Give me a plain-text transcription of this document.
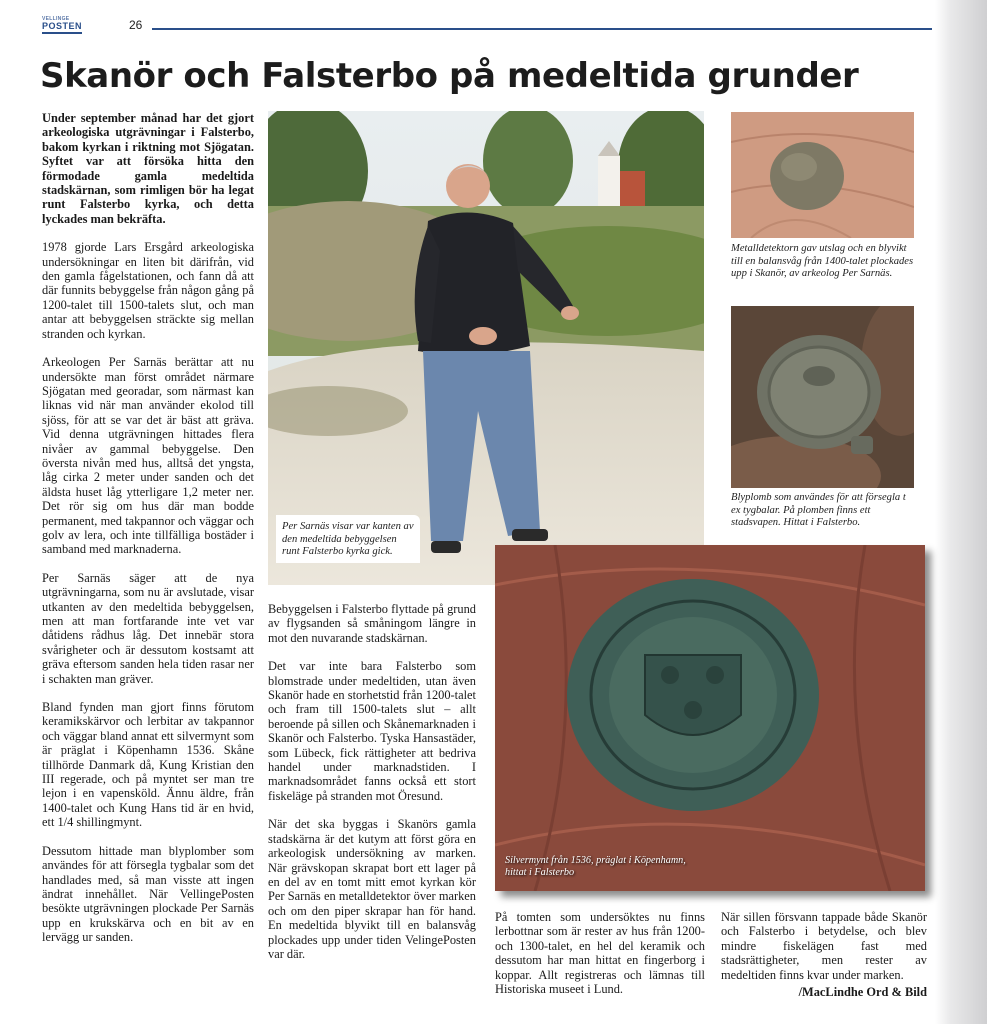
VELLINGE
POSTEN	26
Skanör och Falsterbo på medeltida grunder

Under september månad har det gjort arkeologiska utgrävningar i Falsterbo, bakom kyrkan i riktning mot Sjögatan. Syftet var att försöka hitta den förmodade gamla medeltida stadskärnan, som rimligen bör ha legat runt Falsterbo kyrka, och detta lyckades man bekräfta.

1978 gjorde Lars Ersgård arkeologiska undersökningar en liten bit därifrån, vid den gamla fågelstationen, och fann då att där funnits bebyggelse från någon gång på 1200-talet till 1500-talets slut, och man antar att bebyggelsen sträckte sig mellan stranden och kyrkan.

Arkeologen Per Sarnäs berättar att nu undersökte man först området närmare Sjögatan med georadar, som närmast kan liknas vid när man använder ekolod till sjöss, för att se var det är bäst att gräva. Vid denna utgrävningen hittades flera nivåer av gammal bebyggelse. Den översta nivån med hus, alltså det yngsta, låg cirka 2 meter under sanden och det äldsta huset låg ytterligare 1,2 meter ner. Det rör sig om hus där man bodde permanent, med takpannor och väggar och golv av lera, och inte tillfälliga bostäder i samband med marknaderna.

Per Sarnäs säger att de nya utgrävningarna, som nu är avslutade, visar utkanten av den medeltida bebyggelsen, men att man fortfarande inte vet var dåtidens rådhus låg. Det innebär stora svårigheter och är dessutom kostsamt att gräva eftersom sanden hela tiden rasar ner i schakten man gräver.

Bland fynden man gjort finns förutom keramikskärvor och lerbitar av takpannor och väggar bland annat ett silvermynt som är präglat i Köpenhamn 1536. Skåne tillhörde Danmark då, Kung Kristian den III regerade, och på myntet ser man tre lejon i en vapensköld. Ännu äldre, från 1400-talet och Kung Hans tid är en hvid, ett 1/4 shillingmynt.

Dessutom hittade man blyplomber som användes för att försegla tygbalar som det handlades med, så man visste att ingen ändrat innehållet. När VellingePosten besökte utgrävningen plockade Per Sarnäs upp en krukskärva och en bit av en lervägg ur sanden.

Per Sarnäs visar var kanten av den medeltida bebyggelsen runt Falsterbo kyrka gick.
Metalldetektorn gav utslag och en blyvikt till en balansvåg från 1400-talet plockades upp i Skanör, av arkeolog Per Sarnäs.
Blyplomb som användes för att försegla t ex tygbalar. På plomben finns ett stadsvapen. Hittat i Falsterbo.
Silvermynt från 1536, präglat i Köpenhamn, hittat i Falsterbo

Bebyggelsen i Falsterbo flyttade på grund av flygsanden så småningom längre in mot den nuvarande stadskärnan.

Det var inte bara Falsterbo som blomstrade under medeltiden, utan även Skanör hade en storhetstid från 1200-talet och fram till 1500-talets slut – allt beroende på sillen och Skånemarknaden i Skanör och Falsterbo. Tyska Hansastäder, som Lübeck, fick rättigheter att bedriva handel under marknadstiden. I marknadsområdet fanns också ett stort fiskeläge på stranden mot Öresund.

När det ska byggas i Skanörs gamla stadskärna är det kutym att först göra en arkeologisk undersökning av marken. När grävskopan skrapat bort ett lager på en del av en tomt mitt emot kyrkan kör Per Sarnäs en metalldetektor över marken och om den piper skrapar han för hand. En medeltida blyvikt till en balansvåg plockades upp under tiden VelingePosten var där.

På tomten som undersöktes nu finns lerbottnar som är rester av hus från 1200- och 1300-talet, en hel del keramik och dessutom har man hittat en fingerborg i koppar. Allt registreras och lämnas till Historiska museet i Lund.

När sillen försvann tappade både Skanör och Falsterbo i betydelse, och blev mindre fiskelägen fast med stadsrättigheter, men rester av medeltiden finns kvar under marken.

/MacLindhe Ord & Bild
